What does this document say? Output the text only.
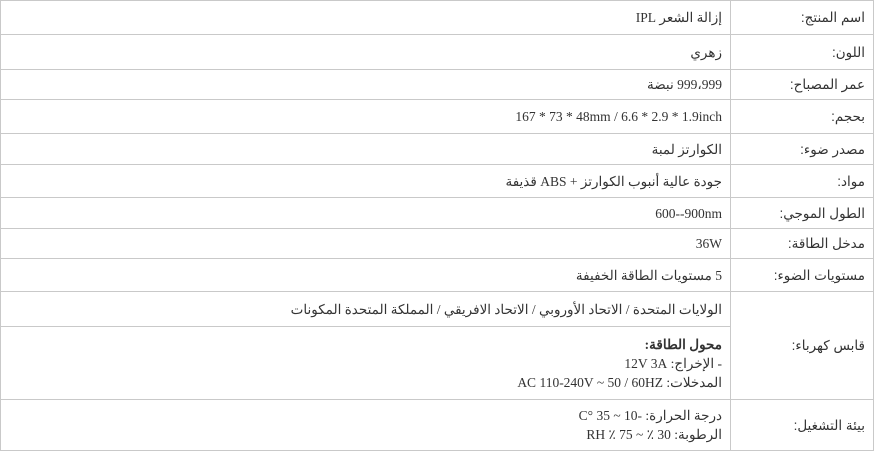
اسم المنتج:	إزالة الشعر IPL
اللون:	زهري
عمر المصباح:	999،999 نبضة
بحجم:	167 * 73 * 48mm / 6.6 * 2.9 * 1.9inch
مصدر ضوء:	الكوارتز لمبة
مواد:	جودة عالية أنبوب الكوارتز + ABS قذيفة
الطول الموجي:	600--900nm
مدخل الطاقة:	36W
مستويات الضوء:	5 مستويات الطاقة الخفيفة
قابس كهرباء:	الولايات المتحدة / الاتحاد الأوروبي / الاتحاد الافريقي / المملكة المتحدة المكونات

	محول الطاقة:
- الإخراج: 12V 3A
المدخلات: AC 110-240V ~ 50 / 60HZ

بيئة التشغيل:	درجة الحرارة: -10 ~ 35 °C
الرطوبة: 30 ٪ ~ 75 ٪ RH
